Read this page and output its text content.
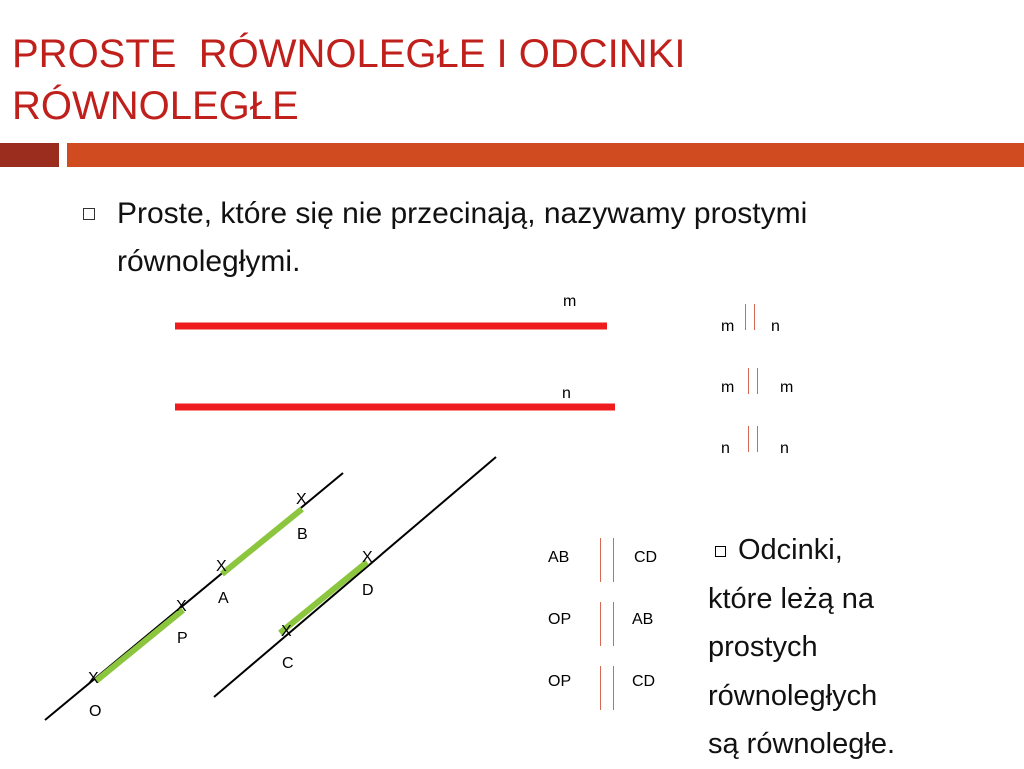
PROSTE  RÓWNOLEGŁE I ODCINKI
RÓWNOLEGŁE
Proste, które się nie przecinają, nazywamy prostymi
równoległymi.
m
n
m n
m	m
n	n
X
B
X
A
X
P
X
O
X
D
X
C
AB	CD
OP	AB
OP	CD
Odcinki,
które leżą na
prostych
równoległych
są równoległe.
